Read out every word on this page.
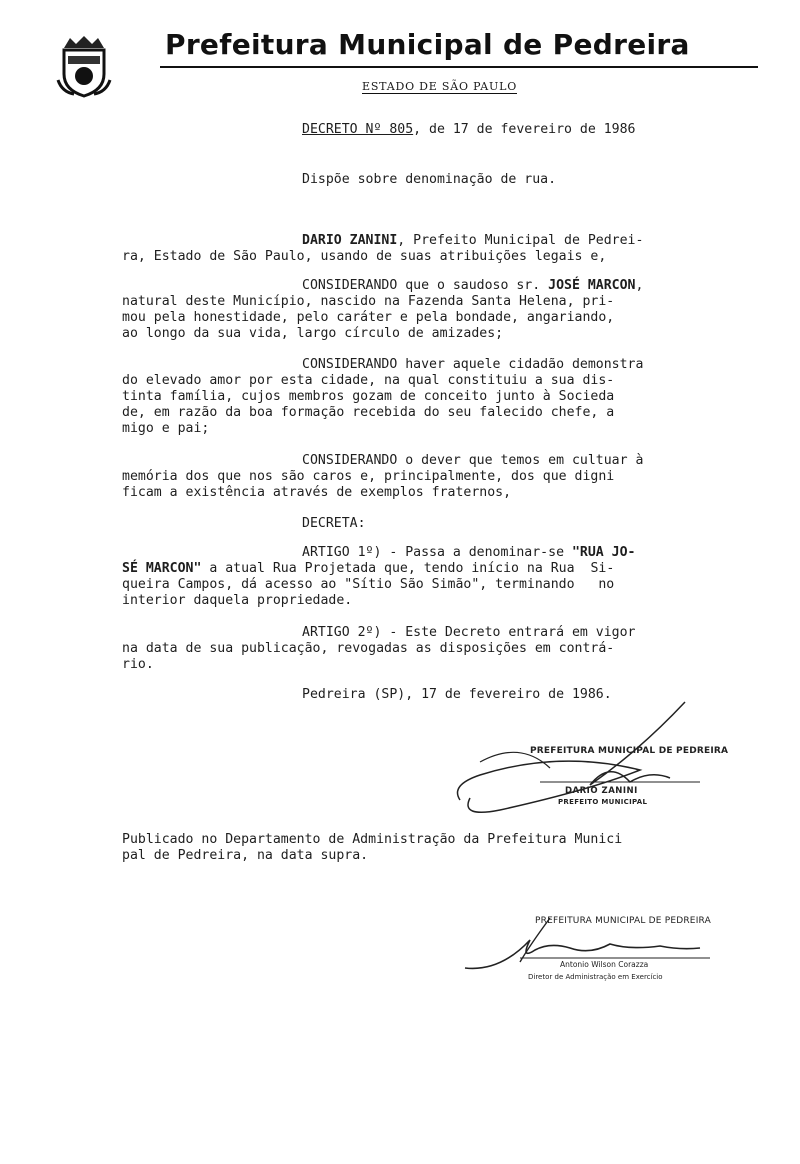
Prefeitura Municipal de Pedreira
ESTADO DE SÃO PAULO
DECRETO Nº 805, de 17 de fevereiro de 1986
Dispõe sobre denominação de rua.
DARIO ZANINI, Prefeito Municipal de Pedrei-
ra, Estado de São Paulo, usando de suas atribuições legais e,
CONSIDERANDO que o saudoso sr. JOSÉ MARCON,
natural deste Município, nascido na Fazenda Santa Helena, pri-
mou pela honestidade, pelo caráter e pela bondade, angariando,
ao longo da sua vida, largo círculo de amizades;
CONSIDERANDO haver aquele cidadão demonstra
do elevado amor por esta cidade, na qual constituiu a sua dis-
tinta família, cujos membros gozam de conceito junto à Socieda
de, em razão da boa formação recebida do seu falecido chefe, a
migo e pai;
CONSIDERANDO o dever que temos em cultuar à
memória dos que nos são caros e, principalmente, dos que digni
ficam a existência através de exemplos fraternos,
DECRETA:
ARTIGO 1º) - Passa a denominar-se "RUA JO-
SÉ MARCON" a atual Rua Projetada que, tendo início na Rua  Si-
queira Campos, dá acesso ao "Sítio São Simão", terminando   no
interior daquela propriedade.
ARTIGO 2º) - Este Decreto entrará em vigor
na data de sua publicação, revogadas as disposições em contrá-
rio.
Pedreira (SP), 17 de fevereiro de 1986.
PREFEITURA MUNICIPAL DE PEDREIRA
DARIO ZANINI
PREFEITO MUNICIPAL
Publicado no Departamento de Administração da Prefeitura Munici
pal de Pedreira, na data supra.
PREFEITURA MUNICIPAL DE PEDREIRA
Antonio Wilson Corazza
Diretor de Administração em Exercício
